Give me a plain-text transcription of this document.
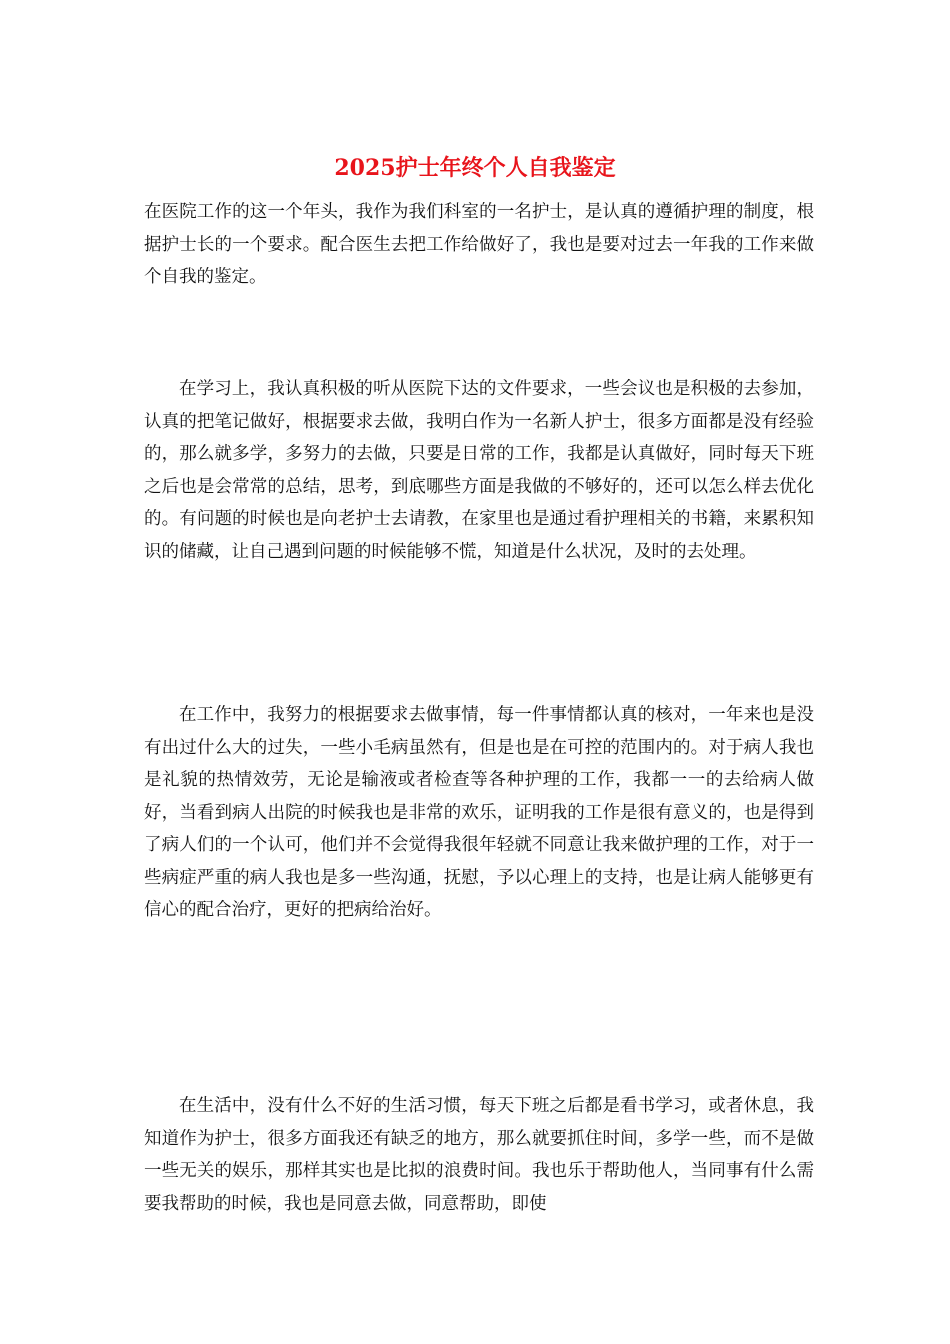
2025护士年终个人自我鉴定

在医院工作的这一个年头，我作为我们科室的一名护士，是认真的遵循护理的制度，根据护士长的一个要求。配合医生去把工作给做好了，我也是要对过去一年我的工作来做个自我的鉴定。

在学习上，我认真积极的听从医院下达的文件要求，一些会议也是积极的去参加，认真的把笔记做好，根据要求去做，我明白作为一名新人护士，很多方面都是没有经验的，那么就多学，多努力的去做，只要是日常的工作，我都是认真做好，同时每天下班之后也是会常常的总结，思考，到底哪些方面是我做的不够好的，还可以怎么样去优化的。有问题的时候也是向老护士去请教，在家里也是通过看护理相关的书籍，来累积知识的储藏，让自己遇到问题的时候能够不慌，知道是什么状况，及时的去处理。

在工作中，我努力的根据要求去做事情，每一件事情都认真的核对，一年来也是没有出过什么大的过失，一些小毛病虽然有，但是也是在可控的范围内的。对于病人我也是礼貌的热情效劳，无论是输液或者检查等各种护理的工作，我都一一的去给病人做好，当看到病人出院的时候我也是非常的欢乐，证明我的工作是很有意义的，也是得到了病人们的一个认可，他们并不会觉得我很年轻就不同意让我来做护理的工作，对于一些病症严重的病人我也是多一些沟通，抚慰，予以心理上的支持，也是让病人能够更有信心的配合治疗，更好的把病给治好。

在生活中，没有什么不好的生活习惯，每天下班之后都是看书学习，或者休息，我知道作为护士，很多方面我还有缺乏的地方，那么就要抓住时间，多学一些，而不是做一些无关的娱乐，那样其实也是比拟的浪费时间。我也乐于帮助他人，当同事有什么需要我帮助的时候，我也是同意去做，同意帮助，即使
